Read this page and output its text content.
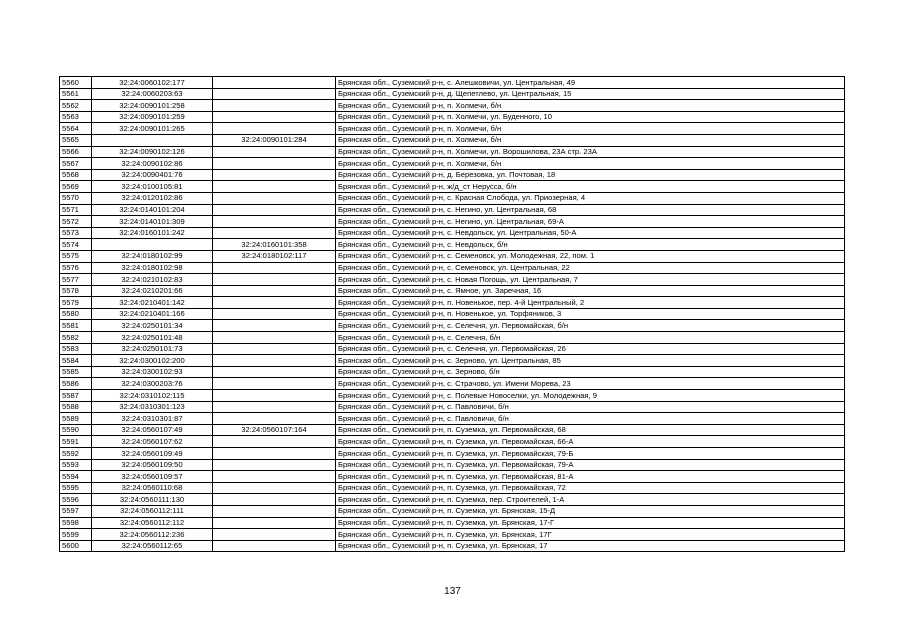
5560	32:24:0060102:177		Брянская обл., Суземский р-н, с. Алешковичи, ул. Центральная, 49
5561	32:24:0060203:63		Брянская обл., Суземский р-н, д. Щепетлево, ул. Центральная, 15
5562	32:24:0090101:258		Брянская обл., Суземский р-н, п. Холмечи, б/н
5563	32:24:0090101:259		Брянская обл., Суземский р-н, п. Холмечи, ул. Буденного, 10
5564	32:24:0090101:265		Брянская обл., Суземский р-н, п. Холмечи, б/н
5565		32:24:0090101:284	Брянская обл., Суземский р-н, п. Холмечи, б/н
5566	32:24:0090102:126		Брянская обл., Суземский р-н, п. Холмечи, ул. Ворошилова, 23А стр. 23А
5567	32:24:0090102:86		Брянская обл., Суземский р-н, п. Холмечи, б/н
5568	32:24:0090401:76		Брянская обл., Суземский р-н, д. Березовка, ул. Почтовая, 18
5569	32:24:0100105:81		Брянская обл., Суземский р-н, ж/д_ст Неруссa, б/н
5570	32:24:0120102:86		Брянская обл., Суземский р-н, с. Красная Слобода, ул. Приозерная, 4
5571	32:24:0140101:204		Брянская обл., Суземский р-н, с. Негино, ул. Центральная, 68
5572	32:24:0140101:309		Брянская обл., Суземский р-н, с. Негино, ул. Центральная, 69-А
5573	32:24:0160101:242		Брянская обл., Суземский р-н, с. Невдольск, ул. Центральная, 50-А
5574		32:24:0160101:358	Брянская обл., Суземский р-н, с. Невдольск, б/н
5575	32:24:0180102:99	32:24:0180102:117	Брянская обл., Суземский р-н, с. Семеновск, ул. Молодежная, 22, пом. 1
5576	32:24:0180102:98		Брянская обл., Суземский р-н, с. Семеновск, ул. Центральная, 22
5577	32:24:0210102:83		Брянская обл., Суземский р-н, с. Новая Погощь, ул. Центральная, 7
5578	32:24:0210201:66		Брянская обл., Суземский р-н, с. Ямное, ул. Заречная, 16
5579	32:24:0210401:142		Брянская обл., Суземский р-н, п. Новенькое, пер. 4-й Центральный, 2
5580	32:24:0210401:166		Брянская обл., Суземский р-н, п. Новенькое, ул. Торфяников, 3
5581	32:24:0250101:34		Брянская обл., Суземский р-н, с. Селечня, ул. Первомайская, б/н
5582	32:24:0250101:48		Брянская обл., Суземский р-н, с. Селечня, б/н
5583	32:24:0250101:73		Брянская обл., Суземский р-н, с. Селечня, ул. Первомайская, 26
5584	32:24:0300102:200		Брянская обл., Суземский р-н, с. Зерново, ул. Центральная, 85
5585	32:24:0300102:93		Брянская обл., Суземский р-н, с. Зерново, б/н
5586	32:24:0300203:76		Брянская обл., Суземский р-н, с. Страчово, ул. Имени Морева, 23
5587	32:24:0310102:115		Брянская обл., Суземский р-н, с. Полевые Новоселки, ул. Молодежная, 9
5588	32:24:0310301:123		Брянская обл., Суземский р-н, с. Павловичи, б/н
5589	32:24:0310301:87		Брянская обл., Суземский р-н, с. Павловичи, б/н
5590	32:24:0560107:49	32:24:0560107:164	Брянская обл., Суземский р-н, п. Суземка, ул. Первомайская, 68
5591	32:24:0560107:62		Брянская обл., Суземский р-н, п. Суземка, ул. Первомайская, 66-А
5592	32:24:0560109:49		Брянская обл., Суземский р-н, п. Суземка, ул. Первомайская, 79-Б
5593	32:24:0560109:50		Брянская обл., Суземский р-н, п. Суземка, ул. Первомайская, 79-А
5594	32:24:0560109:57		Брянская обл., Суземский р-н, п. Суземка, ул. Первомайская, 81-А
5595	32:24:0560110:68		Брянская обл., Суземский р-н, п. Суземка, ул. Первомайская, 72
5596	32:24:0560111:130		Брянская обл., Суземский р-н, п. Суземка, пер. Строителей, 1-А
5597	32:24:0560112:111		Брянская обл., Суземский р-н, п. Суземка, ул. Брянская, 15-Д
5598	32:24:0560112:112		Брянская обл., Суземский р-н, п. Суземка, ул. Брянская, 17-Г
5599	32:24:0560112:236		Брянская обл., Суземский р-н, п. Суземка, ул. Брянская, 17Г
5600	32:24:0560112:65		Брянская обл., Суземский р-н, п. Суземка, ул. Брянская, 17
137
